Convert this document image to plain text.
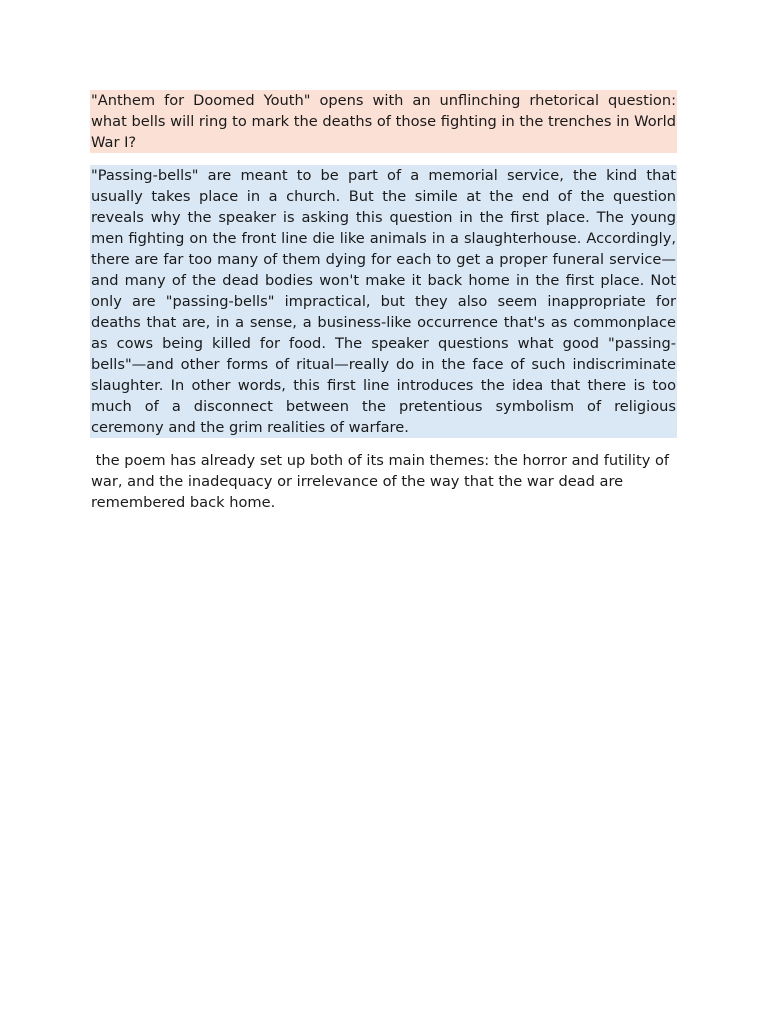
"Anthem for Doomed Youth" opens with an unflinching rhetorical question: what bells will ring to mark the deaths of those fighting in the trenches in World War I?

"Passing-bells" are meant to be part of a memorial service, the kind that usually takes place in a church. But the simile at the end of the question reveals why the speaker is asking this question in the first place. The young men fighting on the front line die like animals in a slaughterhouse. Accordingly, there are far too many of them dying for each to get a proper funeral service—and many of the dead bodies won't make it back home in the first place. Not only are "passing-bells" impractical, but they also seem inappropriate for deaths that are, in a sense, a business-like occurrence that's as commonplace as cows being killed for food. The speaker questions what good "passing-bells"—and other forms of ritual—really do in the face of such indiscriminate slaughter. In other words, this first line introduces the idea that there is too much of a disconnect between the pretentious symbolism of religious ceremony and the grim realities of warfare.

the poem has already set up both of its main themes: the horror and futility of war, and the inadequacy or irrelevance of the way that the war dead are remembered back home.
